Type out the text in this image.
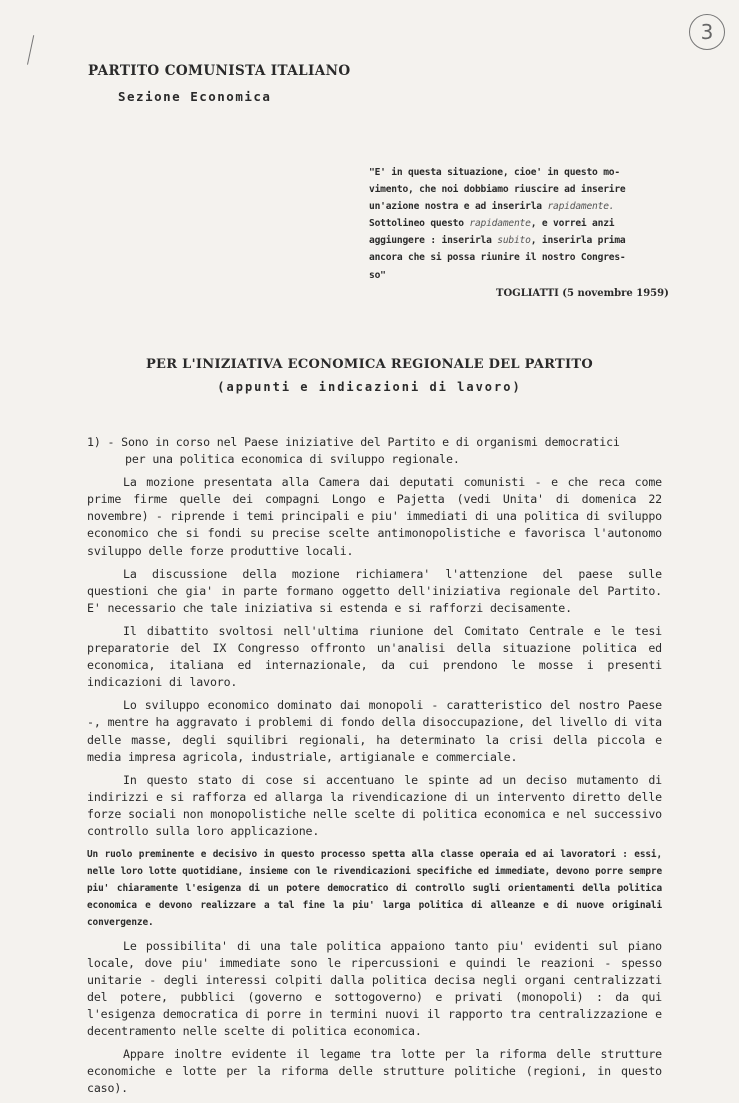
3
PARTITO COMUNISTA ITALIANO
Sezione Economica
"E' in questa situazione, cioe' in questo mo-
vimento, che noi dobbiamo riuscire ad inserire
un'azione nostra e ad inserirla rapidamente.
Sottolineo questo rapidamente, e vorrei anzi
aggiungere : inserirla subito, inserirla prima
ancora che si possa riunire il nostro Congres-
so"
TOGLIATTI (5 novembre 1959)
PER L'INIZIATIVA ECONOMICA REGIONALE DEL PARTITO
(appunti e indicazioni di lavoro)

1) - Sono in corso nel Paese iniziative del Partito e di organismi democratici
per una politica economica di sviluppo regionale.

La mozione presentata alla Camera dai deputati comunisti - e che reca come prime firme quelle dei compagni Longo e Pajetta (vedi Unita' di domenica 22 novembre) - riprende i temi principali e piu' immediati di una politica di sviluppo economico che si fondi su precise scelte antimonopolistiche e favorisca l'autonomo sviluppo delle forze produttive locali.

La discussione della mozione richiamera' l'attenzione del paese sulle questioni che gia' in parte formano oggetto dell'iniziativa regionale del Partito. E' necessario che tale iniziativa si estenda e si rafforzi decisamente.

Il dibattito svoltosi nell'ultima riunione del Comitato Centrale e le tesi preparatorie del IX Congresso offronto un'analisi della situazione politica ed economica, italiana ed internazionale, da cui prendono le mosse i presenti indicazioni di lavoro.

Lo sviluppo economico dominato dai monopoli - caratteristico del nostro Paese -, mentre ha aggravato i problemi di fondo della disoccupazione, del livello di vita delle masse, degli squilibri regionali, ha determinato la crisi della piccola e media impresa agricola, industriale, artigianale e commerciale.

In questo stato di cose si accentuano le spinte ad un deciso mutamento di indirizzi e si rafforza ed allarga la rivendicazione di un intervento diretto delle forze sociali non monopolistiche nelle scelte di politica economica e nel successivo controllo sulla loro applicazione.

Un ruolo preminente e decisivo in questo processo spetta alla classe operaia ed ai lavoratori : essi, nelle loro lotte quotidiane, insieme con le rivendicazioni specifiche ed immediate, devono porre sempre piu' chiaramente l'esigenza di un potere democratico di controllo sugli orientamenti della politica economica e devono realizzare a tal fine la piu' larga politica di alleanze e di nuove originali convergenze.

Le possibilita' di una tale politica appaiono tanto piu' evidenti sul piano locale, dove piu' immediate sono le ripercussioni e quindi le reazioni - spesso unitarie - degli interessi colpiti dalla politica decisa negli organi centralizzati del potere, pubblici (governo e sottogoverno) e privati (monopoli) : da qui l'esigenza democratica di porre in termini nuovi il rapporto tra centralizzazione e decentramento nelle scelte di politica economica.

Appare inoltre evidente il legame tra lotte per la riforma delle strutture economiche e lotte per la riforma delle strutture politiche (regioni, in questo caso).
